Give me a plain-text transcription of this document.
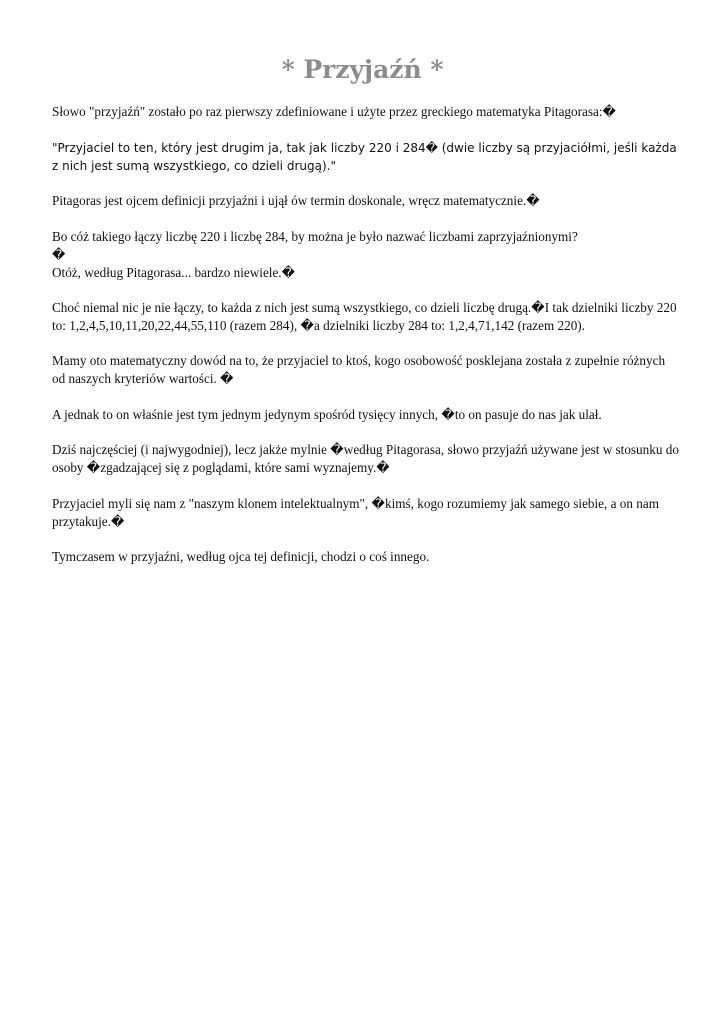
* Przyjaźń *

Słowo "przyjaźń" zostało po raz pierwszy zdefiniowane i użyte przez greckiego matematyka Pitagorasa:�

"Przyjaciel to ten, który jest drugim ja, tak jak liczby 220 i 284� (dwie liczby są przyjaciółmi, jeśli każda z nich jest sumą wszystkiego, co dzieli drugą)."

Pitagoras jest ojcem definicji przyjaźni i ujął ów termin doskonale, wręcz matematycznie.�

Bo cóż takiego łączy liczbę 220 i liczbę 284, by można je było nazwać liczbami zaprzyjaźnionymi?

�

Otóż, według Pitagorasa... bardzo niewiele.�

Choć niemal nic je nie łączy, to każda z nich jest sumą wszystkiego, co dzieli liczbę drugą.�I tak dzielniki liczby 220 to: 1,2,4,5,10,11,20,22,44,55,110 (razem 284), �a dzielniki liczby 284 to: 1,2,4,71,142 (razem 220).

Mamy oto matematyczny dowód na to, że przyjaciel to ktoś, kogo osobowość posklejana została z zupełnie różnych od naszych kryteriów wartości. �

A jednak to on właśnie jest tym jednym jedynym spośród tysięcy innych, �to on pasuje do nas jak ulał.

Dziś najczęściej (i najwygodniej), lecz jakże mylnie �według Pitagorasa, słowo przyjaźń używane jest w stosunku do osoby �zgadzającej się z poglądami, które sami wyznajemy.�

Przyjaciel myli się nam z "naszym klonem intelektualnym", �kimś, kogo rozumiemy jak samego siebie, a on nam przytakuje.�

Tymczasem w przyjaźni, według ojca tej definicji, chodzi o coś innego.
